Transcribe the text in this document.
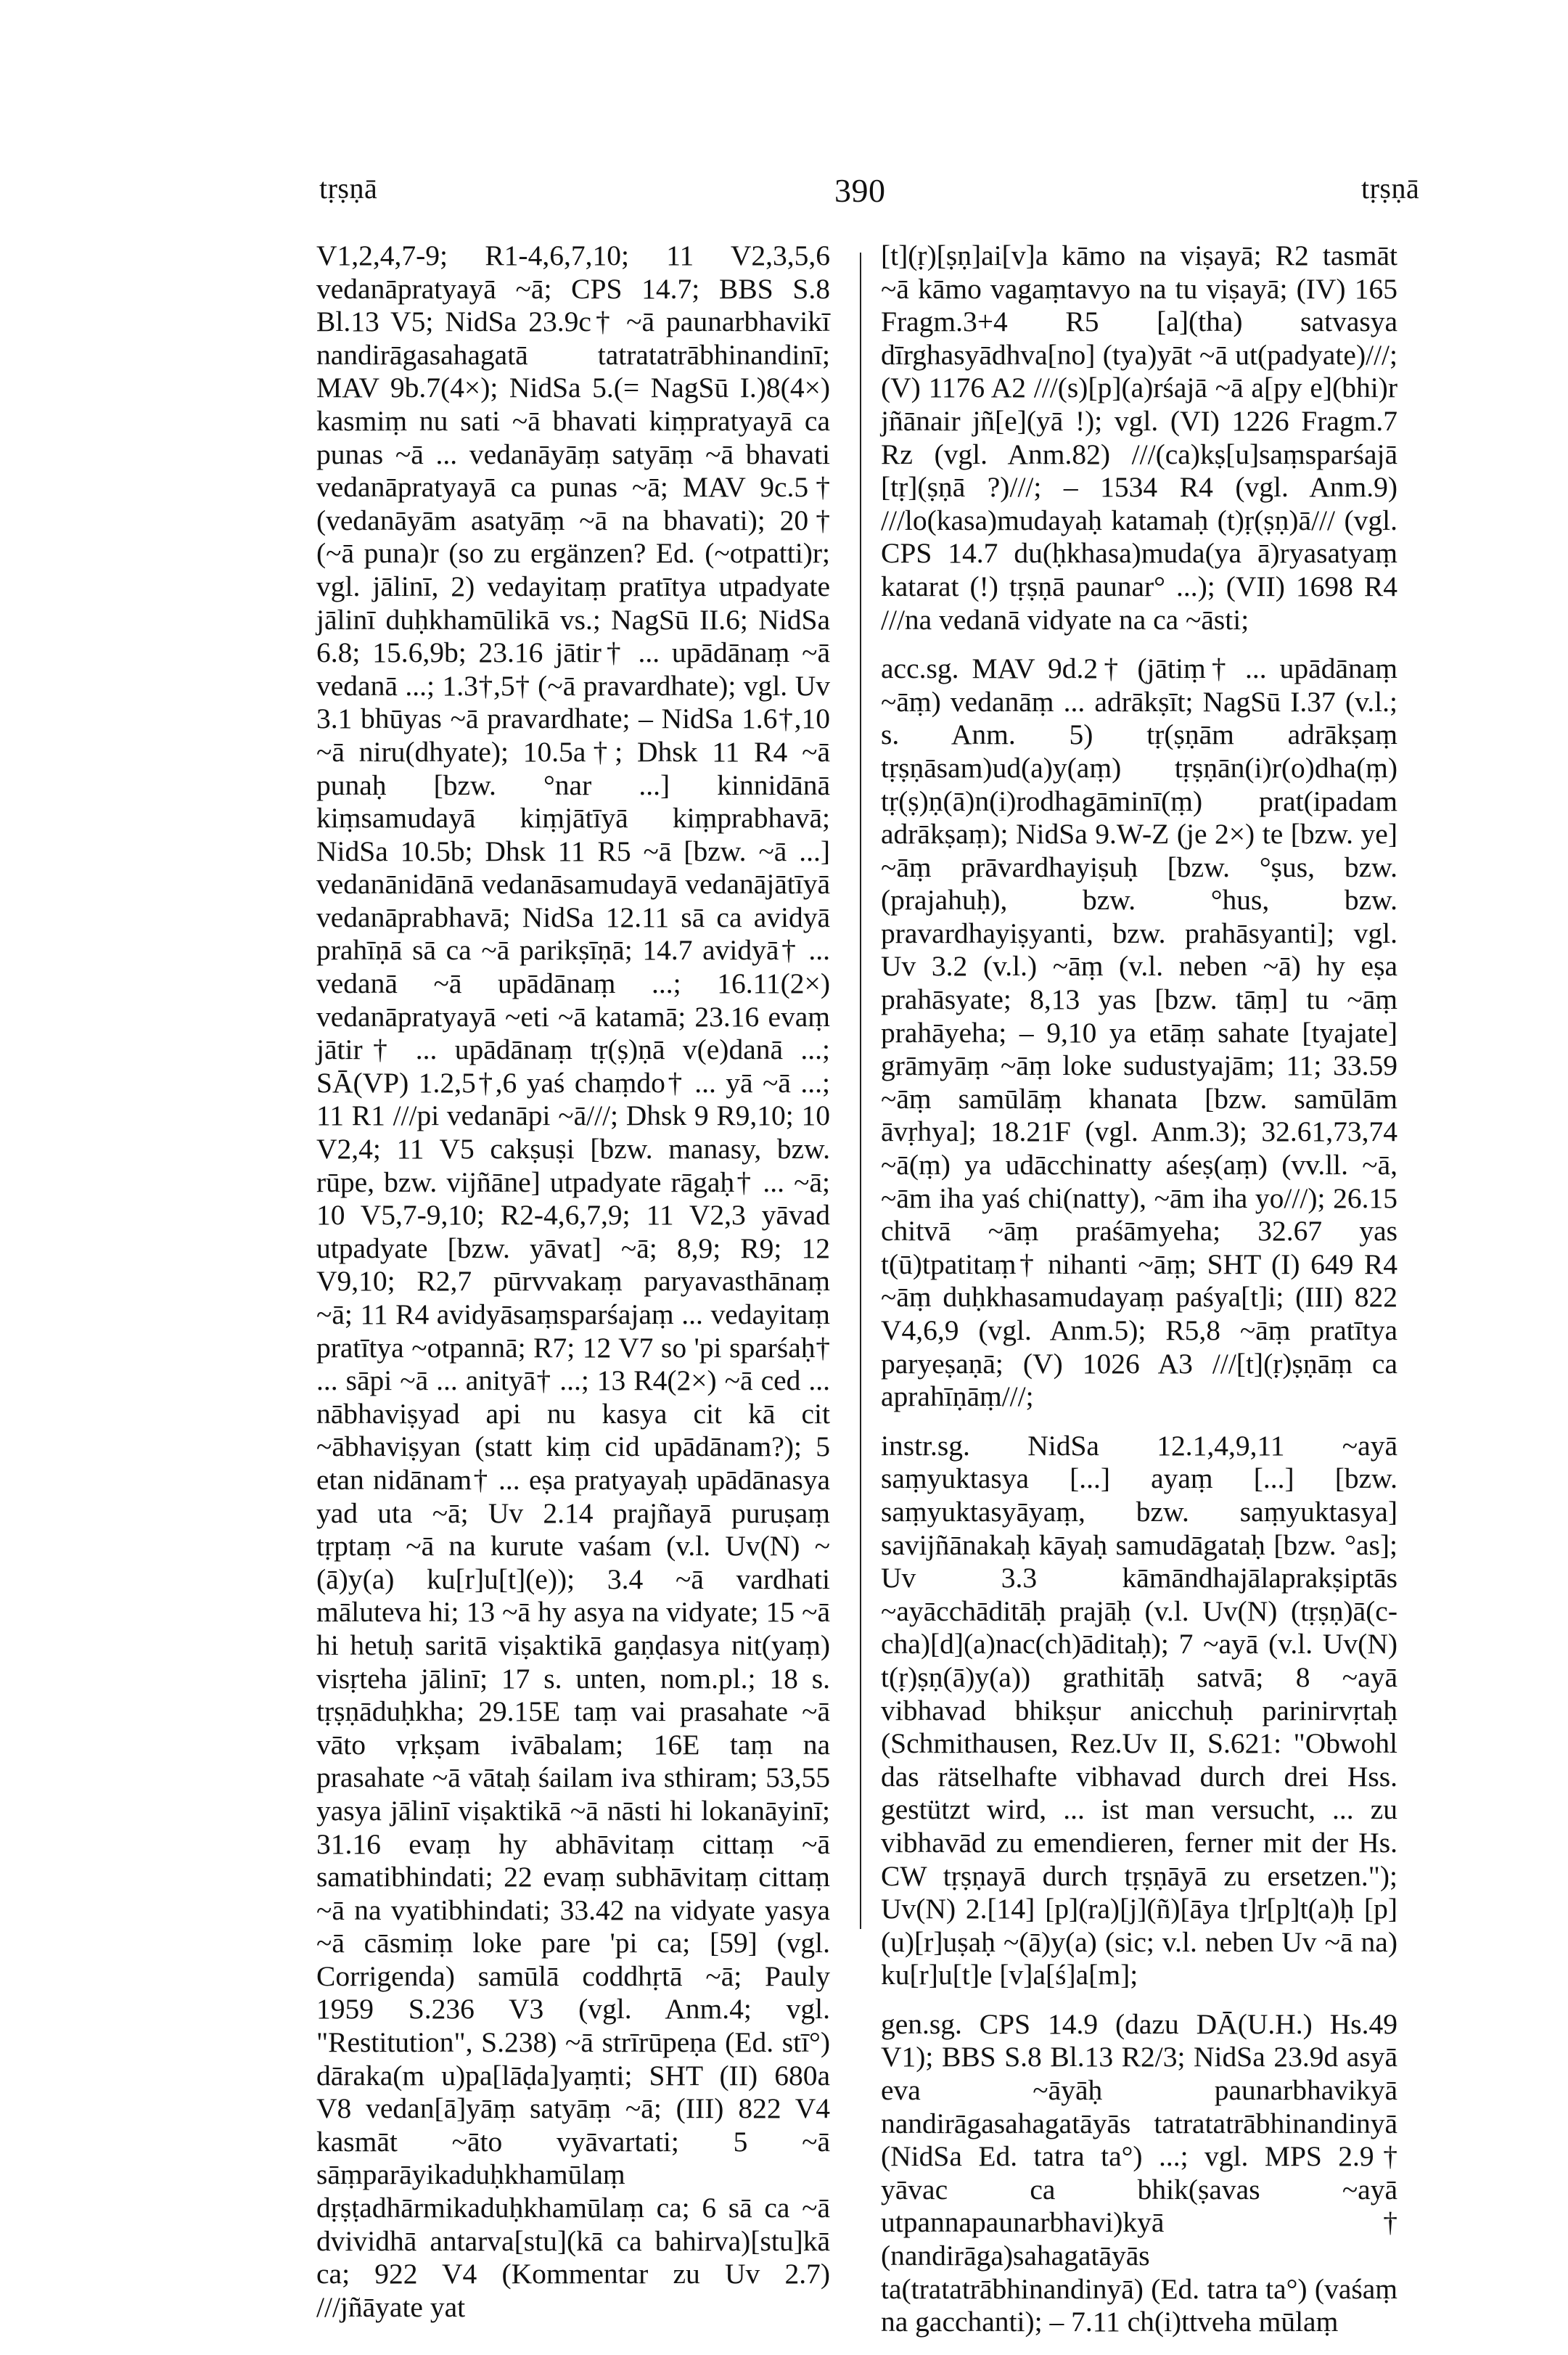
tṛṣṇā	390	tṛṣṇā

V1,2,4,7-9; R1-4,6,7,10; 11 V2,3,5,6 vedanāpratyayā ~ā; CPS 14.7; BBS S.8 Bl.13 V5; NidSa 23.9c† ~ā paunarbhavikī nandirāgasahagatā tatratatrābhinandinī; MAV 9b.7(4×); NidSa 5.(= NagSū I.)8(4×) kasmiṃ nu sati ~ā bhavati kiṃpratyayā ca punas ~ā ... vedanāyāṃ satyāṃ ~ā bhavati vedanāpratyayā ca punas ~ā; MAV 9c.5† (vedanāyām asatyāṃ ~ā na bhavati); 20† (~ā puna)r (so zu ergänzen? Ed. (~otpatti)r; vgl. jālinī, 2) vedayitaṃ pratītya utpadyate jālinī duḥkhamūlikā vs.; NagSū II.6; NidSa 6.8; 15.6,9b; 23.16 jātir† ... upādānaṃ ~ā vedanā ...; 1.3†,5† (~ā pravardhate); vgl. Uv 3.1 bhūyas ~ā pravardhate; – NidSa 1.6†,10 ~ā niru(dhyate); 10.5a†; Dhsk 11 R4 ~ā punaḥ [bzw. °nar ...] kinnidānā kiṃsamudayā kiṃjātīyā kiṃprabhavā; NidSa 10.5b; Dhsk 11 R5 ~ā [bzw. ~ā ...] vedanānidānā vedanāsamudayā vedanājātīyā vedanāprabhavā; NidSa 12.11 sā ca avidyā prahīṇā sā ca ~ā parikṣīṇā; 14.7 avidyā† ... vedanā ~ā upādānaṃ ...; 16.11(2×) vedanāpratyayā ~eti ~ā katamā; 23.16 evaṃ jātir† ... upādānaṃ tṛ(ṣ)ṇā v(e)danā ...; SĀ(VP) 1.2,5†,6 yaś chaṃdo† ... yā ~ā ...; 11 R1 ///pi vedanāpi ~ā///; Dhsk 9 R9,10; 10 V2,4; 11 V5 cakṣuṣi [bzw. manasy, bzw. rūpe, bzw. vijñāne] utpadyate rāgaḥ† ... ~ā; 10 V5,7-9,10; R2-4,6,7,9; 11 V2,3 yāvad utpadyate [bzw. yāvat] ~ā; 8,9; R9; 12 V9,10; R2,7 pūrvvakaṃ paryavasthānaṃ ~ā; 11 R4 avidyāsaṃsparśajaṃ ... vedayitaṃ pratītya ~otpannā; R7; 12 V7 so 'pi sparśaḥ† ... sāpi ~ā ... anityā† ...; 13 R4(2×) ~ā ced ... nābhaviṣyad api nu kasya cit kā cit ~ābhaviṣyan (statt kiṃ cid upādānam?); 5 etan nidānam† ... eṣa pratyayaḥ upādānasya yad uta ~ā; Uv 2.14 prajñayā puruṣaṃ tṛptaṃ ~ā na kurute vaśam (v.l. Uv(N) ~(ā)y(a) ku[r]u[t](e)); 3.4 ~ā vardhati māluteva hi; 13 ~ā hy asya na vidyate; 15 ~ā hi hetuḥ saritā viṣaktikā gaṇḍasya nit(yaṃ) visṛteha jālinī; 17 s. unten, nom.pl.; 18 s. tṛṣṇāduḥkha; 29.15E taṃ vai prasahate ~ā vāto vṛkṣam ivābalam; 16E taṃ na prasahate ~ā vātaḥ śailam iva sthiram; 53,55 yasya jālinī viṣaktikā ~ā nāsti hi lokanāyinī; 31.16 evaṃ hy abhāvitaṃ cittaṃ ~ā samatibhindati; 22 evaṃ subhāvitaṃ cittaṃ ~ā na vyatibhindati; 33.42 na vidyate yasya ~ā cāsmiṃ loke pare 'pi ca; [59] (vgl. Corrigenda) samūlā coddhṛtā ~ā; Pauly 1959 S.236 V3 (vgl. Anm.4; vgl. "Restitution", S.238) ~ā strīrūpeṇa (Ed. stī°) dāraka(m u)pa[lāḍa]yaṃti; SHT (II) 680a V8 vedan[ā]yāṃ satyāṃ ~ā; (III) 822 V4 kasmāt ~āto vyāvartati; 5 ~ā sāṃparāyikaduḥkhamūlaṃ dṛṣṭadhārmikaduḥkhamūlaṃ ca; 6 sā ca ~ā dvividhā antarva[stu](kā ca bahirva)[stu]kā ca; 922 V4 (Kommentar zu Uv 2.7) ///jñāyate yat

[t](ṛ)[ṣṇ]ai[v]a kāmo na viṣayā; R2 tasmāt ~ā kāmo vagaṃtavyo na tu viṣayā; (IV) 165 Fragm.3+4 R5 [a](tha) satvasya dīrghasyādhva[no] (tya)yāt ~ā ut(padyate)///; (V) 1176 A2 ///(s)[p](a)rśajā ~ā a[py e](bhi)r jñānair jñ[e](yā !); vgl. (VI) 1226 Fragm.7 Rz (vgl. Anm.82) ///(ca)kṣ[u]saṃsparśajā [tṛ](ṣṇā ?)///; – 1534 R4 (vgl. Anm.9) ///lo(kasa)mudayaḥ katamaḥ (t)ṛ(ṣṇ)ā/// (vgl. CPS 14.7 du(ḥkhasa)muda(ya ā)ryasatyaṃ katarat (!) tṛṣṇā paunar° ...); (VII) 1698 R4 ///na vedanā vidyate na ca ~āsti;

acc.sg. MAV 9d.2† (jātiṃ† ... upādānaṃ ~āṃ) vedanāṃ ... adrākṣīt; NagSū I.37 (v.l.; s. Anm. 5) tṛ(ṣṇām adrākṣaṃ tṛṣṇāsam)ud(a)y(aṃ) tṛṣṇān(i)r(o)dha(ṃ) tṛ(ṣ)ṇ(ā)n(i)rodhagāminī(ṃ) prat(ipadam adrākṣaṃ); NidSa 9.W-Z (je 2×) te [bzw. ye] ~āṃ prāvardhayiṣuḥ [bzw. °ṣus, bzw. (prajahuḥ), bzw. °hus, bzw. pravardhayiṣyanti, bzw. prahāsyanti]; vgl. Uv 3.2 (v.l.) ~āṃ (v.l. neben ~ā) hy eṣa prahāsyate; 8,13 yas [bzw. tāṃ] tu ~āṃ prahāyeha; – 9,10 ya etāṃ sahate [tyajate] grāmyāṃ ~āṃ loke sudustyajām; 11; 33.59 ~āṃ samūlāṃ khanata [bzw. samūlām āvṛhya]; 18.21F (vgl. Anm.3); 32.61,73,74 ~ā(ṃ) ya udācchinatty aśeṣ(aṃ) (vv.ll. ~ā, ~ām iha yaś chi(natty), ~ām iha yo///); 26.15 chitvā ~āṃ praśāmyeha; 32.67 yas t(ū)tpatitaṃ† nihanti ~āṃ; SHT (I) 649 R4 ~āṃ duḥkhasamudayaṃ paśya[t]i; (III) 822 V4,6,9 (vgl. Anm.5); R5,8 ~āṃ pratītya paryeṣaṇā; (V) 1026 A3 ///[t](ṛ)ṣṇāṃ ca aprahīṇāṃ///;

instr.sg. NidSa 12.1,4,9,11 ~ayā saṃyuktasya [...] ayaṃ [...] [bzw. saṃyuktasyāyaṃ, bzw. saṃyuktasya] savijñānakaḥ kāyaḥ samudāgataḥ [bzw. °as]; Uv 3.3 kāmāndhajālaprakṣiptās ~ayācchāditāḥ prajāḥ (v.l. Uv(N) (tṛṣṇ)ā(c-cha)[d](a)nac(ch)āditaḥ); 7 ~ayā (v.l. Uv(N) t(ṛ)ṣṇ(ā)y(a)) grathitāḥ satvā; 8 ~ayā vibhavad bhikṣur anicchuḥ parinirvṛtaḥ (Schmithausen, Rez.Uv II, S.621: "Obwohl das rätselhafte vibhavad durch drei Hss. gestützt wird, ... ist man versucht, ... zu vibhavād zu emendieren, ferner mit der Hs. CW tṛṣṇayā durch tṛṣṇāyā zu ersetzen."); Uv(N) 2.[14] [p](ra)[j](ñ)[āya t]r[p]t(a)ḥ [p](u)[r]uṣaḥ ~(ā)y(a) (sic; v.l. neben Uv ~ā na) ku[r]u[t]e [v]a[ś]a[m];

gen.sg. CPS 14.9 (dazu DĀ(U.H.) Hs.49 V1); BBS S.8 Bl.13 R2/3; NidSa 23.9d asyā eva ~āyāḥ paunarbhavikyā nandirāgasahagatāyās tatratatrābhinandinyā (NidSa Ed. tatra ta°) ...; vgl. MPS 2.9† yāvac ca bhik(ṣavas ~ayā utpannapaunarbhavi)kyā† (nandirāga)sahagatāyās ta(tratatrābhinandinyā) (Ed. tatra ta°) (vaśaṃ na gacchanti); – 7.11 ch(i)ttveha mūlaṃ
